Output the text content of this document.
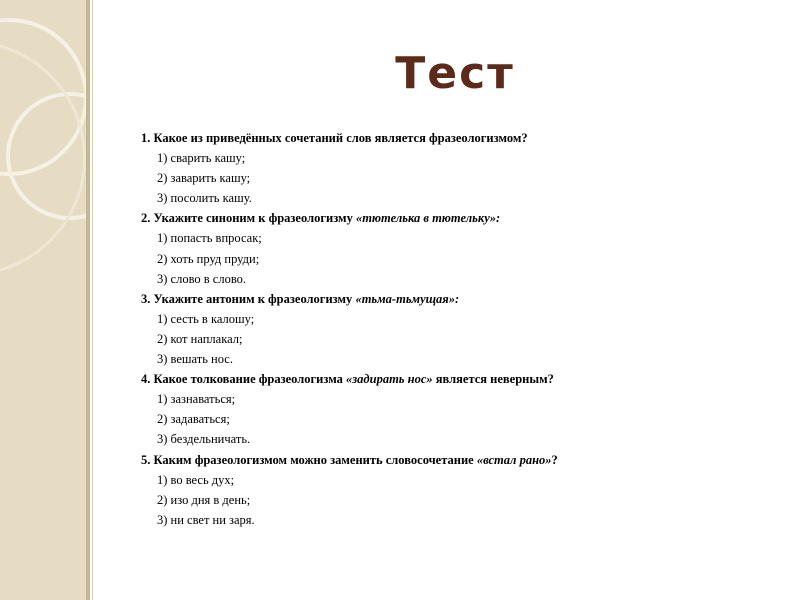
Тест
1. Какое из приведённых сочетаний слов является фразеологизмом?
1) сварить кашу;
2) заварить кашу;
3) посолить кашу.
2. Укажите синоним к фразеологизму «тютелька в тютельку»:
1) попасть впросак;
2) хоть пруд пруди;
3) слово в слово.
3. Укажите антоним к фразеологизму «тьма-тьмущая»:
1) сесть в калошу;
2) кот наплакал;
3) вешать нос.
4. Какое толкование фразеологизма «задирать нос» является неверным?
1) зазнаваться;
2) задаваться;
3) бездельничать.
5. Каким фразеологизмом можно заменить словосочетание «встал рано»?
1) во весь дух;
2) изо дня в день;
3) ни свет ни заря.
